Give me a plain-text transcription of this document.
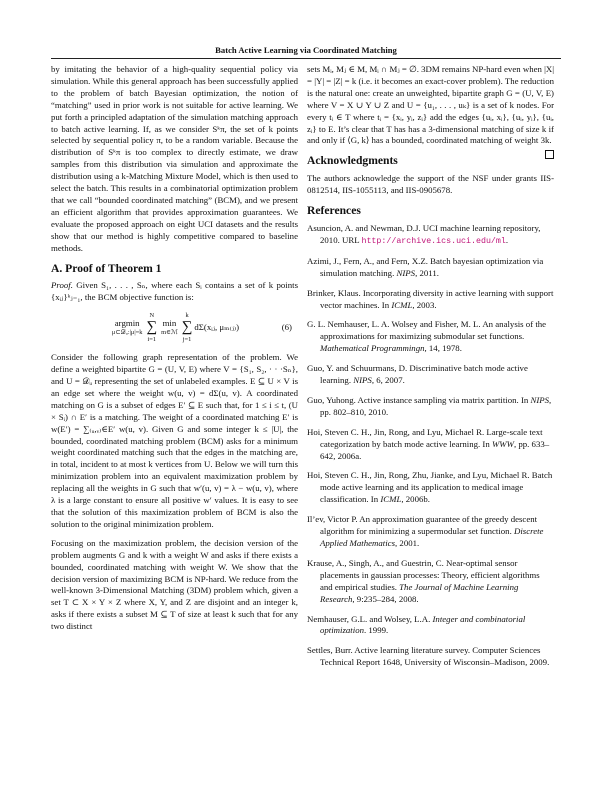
Batch Active Learning via Coordinated Matching

by imitating the behavior of a high-quality sequential policy via simulation. While this general approach has been successfully applied to the problem of batch Bayesian optimization, the notion of “matching” used in prior work is not suitable for active learning. We put forth a principled adaptation of the simulation matching approach to batch active learning. If, as we consider Sᵏπ, the set of k points selected by sequential policy π, to be a random variable. Because the distribution of Sᵏπ is too complex to directly estimate, we draw samples from this distribution via simulation and approximate the distribution using a k-Matching Mixture Model, which is then used to select the batch. This results in a combinatorial optimization problem that we call “bounded coordinated matching” (BCM), and we present an efficient algorithm that provides approximation guarantees. We evaluate the proposed approach on eight UCI datasets and the results show that our method is highly competitive compared to baseline methods.

A. Proof of Theorem 1

Proof. Given S₁, . . . , Sₙ, where each Sᵢ contains a set of k points {xᵢⱼ}ᵏⱼ₌₁, the BCM objective function is:

argmin
μ⊂𝒟ᵤ:|μ|=k
N
∑
i=1
min
m∈ℳ
k
∑
j=1
dΣ(xᵢⱼ, μₘ₍ⱼ₎)	(6)

Consider the following graph representation of the problem. We define a weighted bipartite G = (U, V, E) where V = {S₁, S₂, · · ·Sₙ}, and U = 𝒟ᵤ representing the set of unlabeled examples. E ⊆ U × V is an edge set where the weight w(u, v) = dΣ(u, v). A coordinated matching on G is a subset of edges E′ ⊆ E such that, for 1 ≤ i ≤ t, (U × Sᵢ) ∩ E′ is a matching. The weight of a coordinated matching E′ is w(E′) = ∑₍ᵤ,ᵥ₎∈E′ w(u, v). Given G and some integer k ≤ |U|, the bounded, coordinated matching problem (BCM) asks for a minimum weight coordinated matching such that the edges in the matching are, in total, incident to at most k vertices from U. Below we will turn this minimization problem into an equivalent maximization problem by replacing all the weights in G such that w′(u, v) = λ − w(u, v), where λ is a large constant to ensure all positive w′ values. It is easy to see that the solution of this maximization problem of BCM is also the solution to the original minimization problem.

Focusing on the maximization problem, the decision version of the problem augments G and k with a weight W and asks if there exists a bounded, coordinated matching with weight W. We show that the decision version of maximizing BCM is NP-hard. We reduce from the well-known 3-Dimensional Matching (3DM) problem which, given a set T ⊂ X × Y × Z where X, Y, and Z are disjoint and an integer k, asks if there exists a subset M ⊆ T of size at least k such that for any two distinct

sets Mᵢ, Mⱼ ∈ M, Mᵢ ∩ Mⱼ = ∅. 3DM remains NP-hard even when |X| = |Y| = |Z| = k (i.e. it becomes an exact-cover problem). The reduction is the natural one: create an unweighted, bipartite graph G = (U, V, E) where V = X ∪ Y ∪ Z and U = {u₁, . . . , uₖ} is a set of k nodes. For every tᵢ ∈ T where tᵢ = {xᵢ, yᵢ, zᵢ} add the edges {uᵢ, xᵢ}, {uᵢ, yᵢ}, {uᵢ, zᵢ} to E. It’s clear that T has has a 3-dimensional matching of size k if and only if ⟨G, k⟩ has a bounded, coordinated matching of weight 3k.

Acknowledgments

The authors acknowledge the support of the NSF under grants IIS-0812514, IIS-1055113, and IIS-0905678.

References

Asuncion, A. and Newman, D.J. UCI machine learning repository, 2010. URL http://archive.ics.uci.edu/ml.

Azimi, J., Fern, A., and Fern, X.Z. Batch bayesian optimization via simulation matching. NIPS, 2011.

Brinker, Klaus. Incorporating diversity in active learning with support vector machines. In ICML, 2003.

G. L. Nemhauser, L. A. Wolsey and Fisher, M. L. An analysis of the approximations for maximizing submodular set functions. Mathematical Programmingn, 14, 1978.

Guo, Y. and Schuurmans, D. Discriminative batch mode active learning. NIPS, 6, 2007.

Guo, Yuhong. Active instance sampling via matrix partition. In NIPS, pp. 802–810, 2010.

Hoi, Steven C. H., Jin, Rong, and Lyu, Michael R. Large-scale text categorization by batch mode active learning. In WWW, pp. 633–642, 2006a.

Hoi, Steven C. H., Jin, Rong, Zhu, Jianke, and Lyu, Michael R. Batch mode active learning and its application to medical image classification. In ICML, 2006b.

Il’ev, Victor P. An approximation guarantee of the greedy descent algorithm for minimizing a supermodular set function. Discrete Applied Mathematics, 2001.

Krause, A., Singh, A., and Guestrin, C. Near-optimal sensor placements in gaussian processes: Theory, efficient algorithms and empirical studies. The Journal of Machine Learning Research, 9:235–284, 2008.

Nemhauser, G.L. and Wolsey, L.A. Integer and combinatorial optimization. 1999.

Settles, Burr. Active learning literature survey. Computer Sciences Technical Report 1648, University of Wisconsin–Madison, 2009.
